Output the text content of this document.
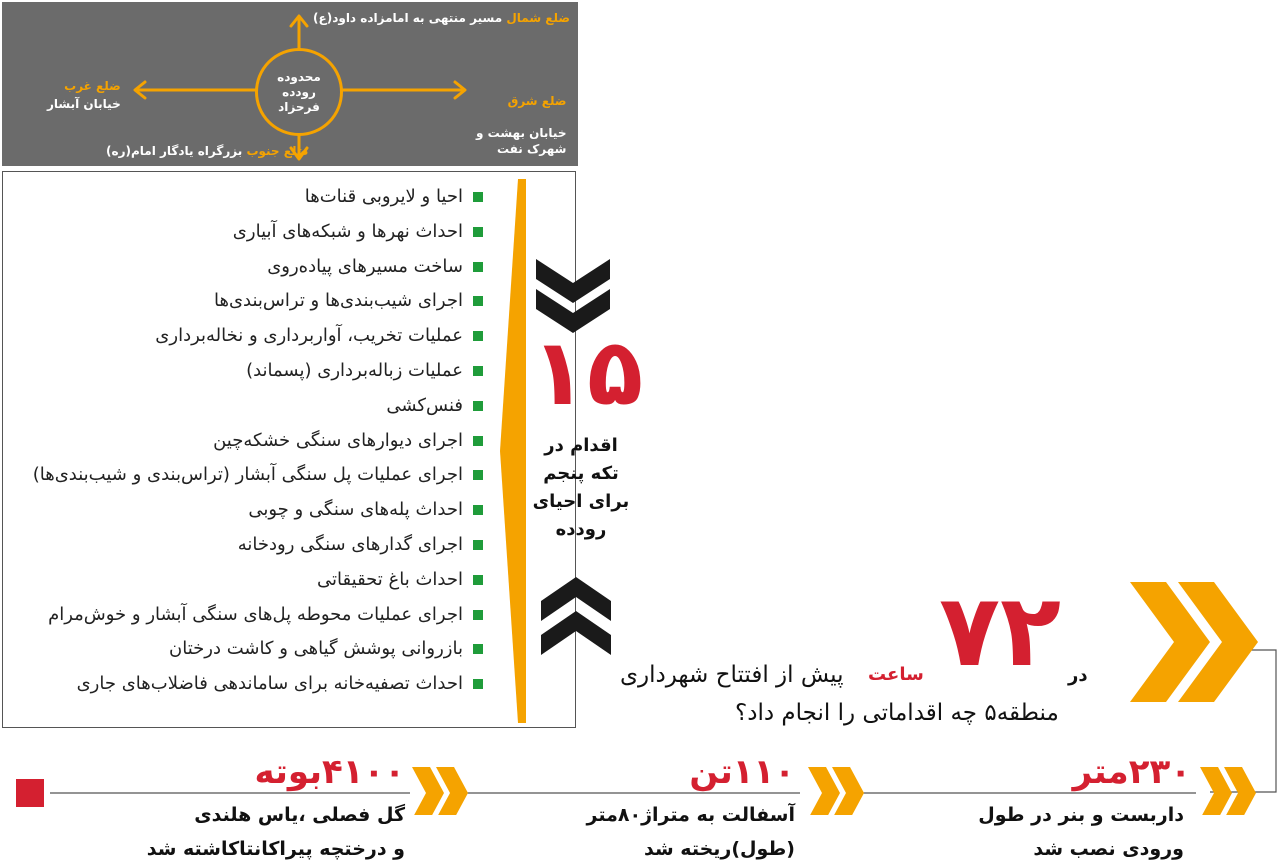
ضلع شمال مسیر منتهی به امامزاده داود(ع)
ضلع غرب
خیابان آبشار	ضلع شرق

خیابان بهشت و
شهرک نفت

ضلع جنوب بزرگراه یادگار امام(ره)
محدوده
رودده
فرحزاد
احیا و لایروبی قنات‌ها
احداث نهرها و شبکه‌های آبیاری
ساخت مسیرهای پیاده‌روی
اجرای شیب‌بندی‌ها و تراس‌بندی‌ها
عملیات تخریب، آواربرداری و نخاله‌برداری
عملیات زباله‌برداری (پسماند)
فنس‌کشی
اجرای دیوارهای سنگی خشکه‌چین
اجرای عملیات پل سنگی آبشار (تراس‌بندی و شیب‌بندی‌ها)
احداث پله‌های سنگی و چوبی
اجرای گدارهای سنگی رودخانه
احداث باغ تحقیقاتی
اجرای عملیات محوطه پل‌های سنگی آبشار و خوش‌مرام
بازروانی پوشش گیاهی و کاشت درختان
احداث تصفیه‌خانه برای ساماندهی فاضلاب‌های جاری
۱۵
اقدام در
تکه پنجم
برای احیای
رودده
۷۲ در
ساعت
پیش از افتتاح شهرداری
منطقه۵ چه اقداماتی را انجام داد؟
۲۳۰متر
داربست و بنر در طول
ورودی نصب شد
۱۱۰تن
آسفالت به متراژ۸۰متر
(طول)ریخته شد
۴۱۰۰بوته
گل فصلی ،یاس هلندی
و درختچه پیراکانتاکاشته شد
